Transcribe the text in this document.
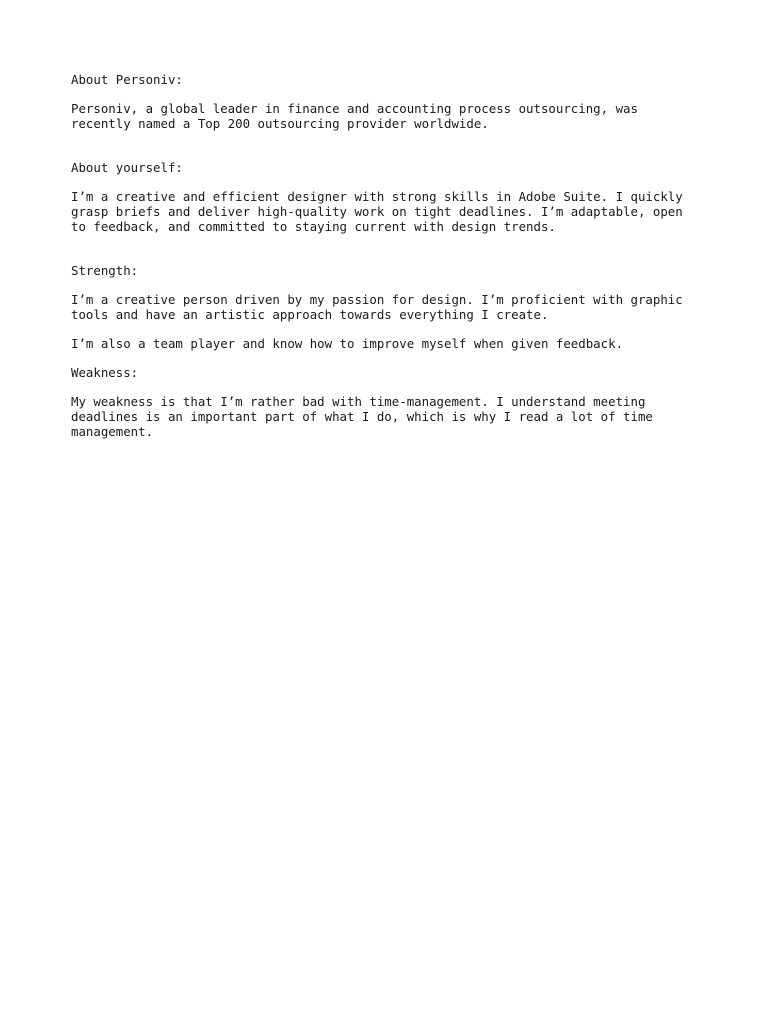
About Personiv:

Personiv, a global leader in finance and accounting process outsourcing, was
recently named a Top 200 outsourcing provider worldwide.

About yourself:

I’m a creative and efficient designer with strong skills in Adobe Suite. I quickly
grasp briefs and deliver high-quality work on tight deadlines. I’m adaptable, open
to feedback, and committed to staying current with design trends.

Strength:

I’m a creative person driven by my passion for design. I’m proficient with graphic
tools and have an artistic approach towards everything I create.

I’m also a team player and know how to improve myself when given feedback.

Weakness:

My weakness is that I’m rather bad with time-management. I understand meeting
deadlines is an important part of what I do, which is why I read a lot of time
management.
